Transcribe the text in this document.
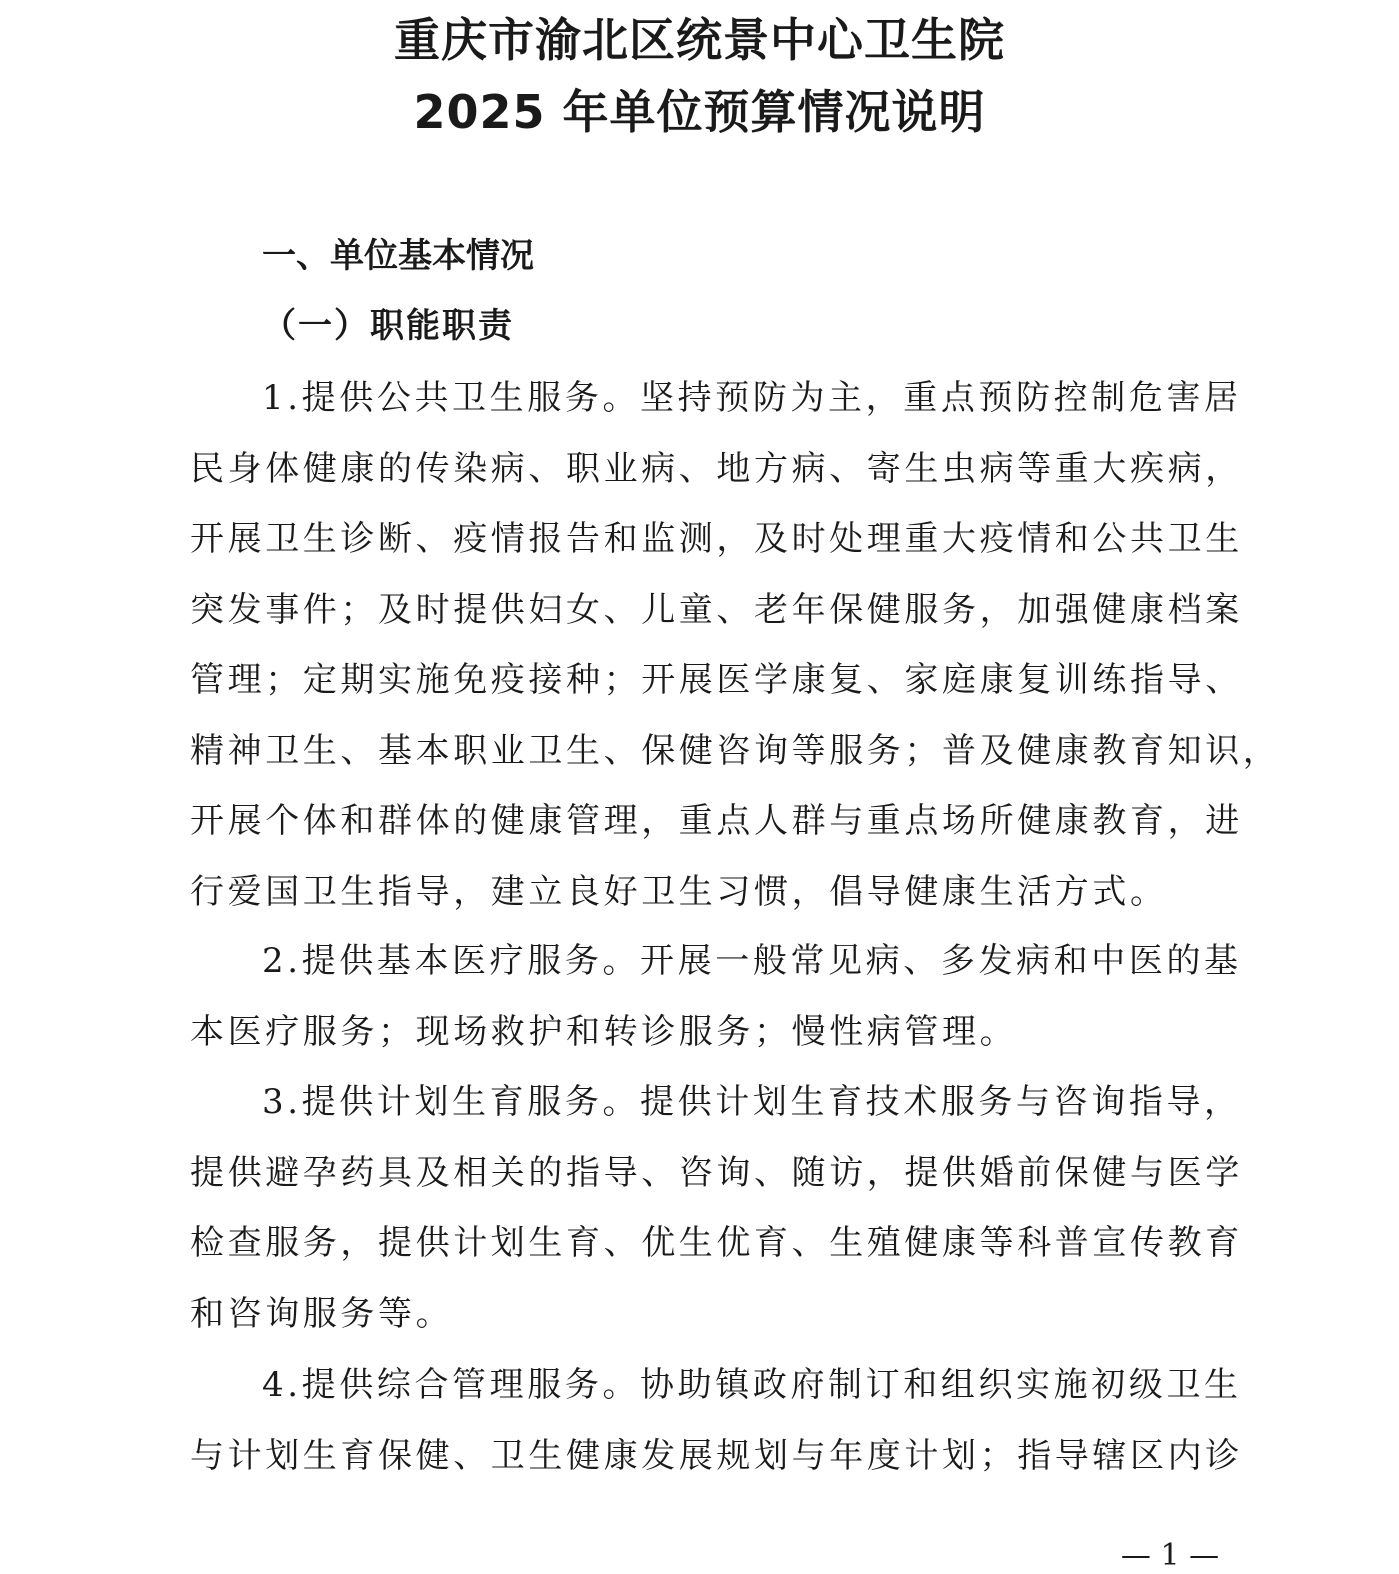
重庆市渝北区统景中心卫生院
2025 年单位预算情况说明
一、单位基本情况
（一）职能职责
1.提供公共卫生服务。坚持预防为主，重点预防控制危害居
民身体健康的传染病、职业病、地方病、寄生虫病等重大疾病，
开展卫生诊断、疫情报告和监测，及时处理重大疫情和公共卫生
突发事件；及时提供妇女、儿童、老年保健服务，加强健康档案
管理；定期实施免疫接种；开展医学康复、家庭康复训练指导、
精神卫生、基本职业卫生、保健咨询等服务；普及健康教育知识，
开展个体和群体的健康管理，重点人群与重点场所健康教育，进
行爱国卫生指导，建立良好卫生习惯，倡导健康生活方式。
2.提供基本医疗服务。开展一般常见病、多发病和中医的基
本医疗服务；现场救护和转诊服务；慢性病管理。
3.提供计划生育服务。提供计划生育技术服务与咨询指导，
提供避孕药具及相关的指导、咨询、随访，提供婚前保健与医学
检查服务，提供计划生育、优生优育、生殖健康等科普宣传教育
和咨询服务等。
4.提供综合管理服务。协助镇政府制订和组织实施初级卫生
与计划生育保健、卫生健康发展规划与年度计划；指导辖区内诊
— 1 —
